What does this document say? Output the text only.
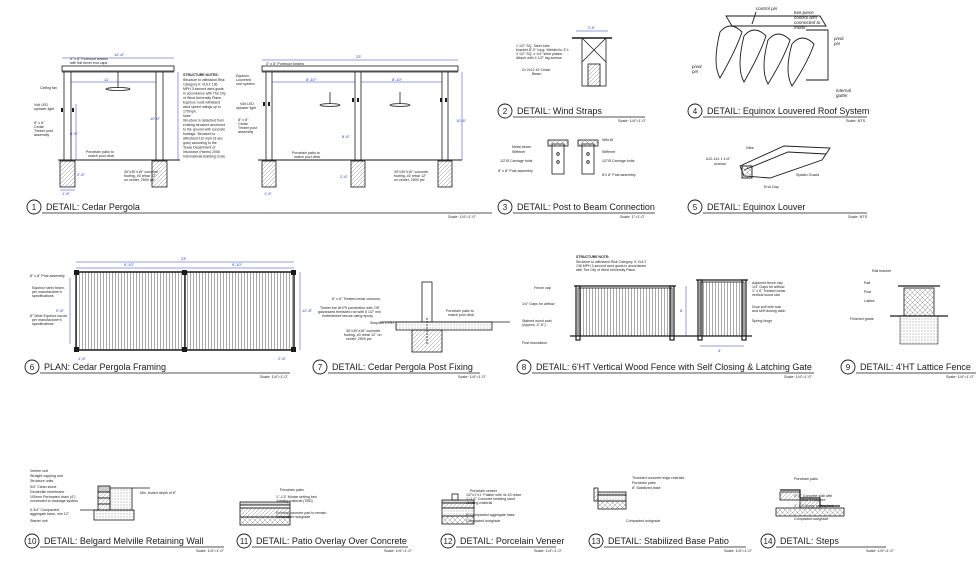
3" x 8" Portmoor beams
with flat bevel end caps
Ceiling fan
Volt LED
uplower light
8" x 8"
Cedar
Timber post
assembly
Porcelain patio to
match pool deck
30"x30"x16" concrete
footing, #3 rebar 12"
on center, 2500 psi
12'-8"
11'
10'-0"
8'-6"
1'-6"
2'-6"
STRUCTURE NOTES:
Structure to withstand Risk
Category II; VULT 136
MPH 3-second wind gusts
in accordance with The City
of West University Place.
Equinox roofs withstand
wind speed ratings up to
175mph.
Note:
Structure is detached from
existing structure anchored
to the ground with concrete
footings. Structure to
withstand 110 mph (3-sec
gust) according to the
Texas Department of
Insurance (Harris) 2006
International Building Code.
Equinox
Louvered
roof system
3" x 8" Portmoor beams
Volt LED
uplower light
8" x 8"
Cedar
Timber post
assembly
Porcelain patio to
match pool deck
30"x30"x16" concrete
footing, #3 rebar 12"
on center, 2500 psi
23'
8'-10"	8'-10"
10'-6"
8'-6"
1'-6"
2'-6"
1 1/2" SQ. Steel tube
bracket 8"-0" long. Welded to 3"x
3 1/2" SQ. x 1/4" steel plates.
Attach with 4 1/2" lag screws
2x 2x12 #2 Cedar
Beam
2'-6"
Metal beam
Stiffener
1/2"Ø Carriage bolts
8" x 8" Post assembly
W8x16
Stiffener
1/2"Ø Carriage bolts
8"x 8" Post assembly
control pin
two-piece
control arm
connected to
motor
pivot
pin
pivot
pin
internal
gutter
Nibs
#12-11x 1 1/4"
screws
Splash Guard
End Cap
23'
9'-10"	9'-10"
1'-6"	2'-6"
12'-8"
9'-8"
8" x 8" Post assembly
Equinox steel beam,
per manufacturer's
specifications
8" Wide Equinox louver,
per manufacturer's
specifications
6" x 6" Treated cedar columns
Timber toe AH75 connection with 7/8"
galvanized threaded rod with 5 1/2" min
embedment secure using epoxy
Simpson CPS7
30"x30"x16" concrete
footing, #3 rebar 12" on
center, 2500 psi
Porcelain patio to
match pool deck
STRUCTURE NOTE:
Structure to withstand Risk Category II; VULT
136 MPH 3-second wind gusts in accordance
with The City of West University Place.
Fence cap
1/4" Gaps for airflow
Stained wood post
(Approx. 4"-6")
Post foundation
Adjacent fence cap
1/4" Gaps for airflow
1" x 6" Treated cedar
vertical wood slat
Door pull with lock
and self closing latch
Spring hinge
6'
4'
Rail bracket
Rail
Post
Lattice
Finished grade
Veneer unit
Straight capping unit
Structure units
3/4" Clean stone
Geotextile membrane
100mm Perforated drain (4")
connected to drainage system
0-3/4" Compacted
aggregate base, min 12"
Starter unit
Min. buried depth of 8"
Porcelain patio
1"-1.5" Mortar setting bed
Jointing material (TBD)
Existing concrete pad to remain
Compacted subgrade
Porcelain veneer
1/2"x1"x1" Fastler with 4x #3 rebar
1"-1.5" Concrete bedding sand
Jointing material
6" Compacted aggregate base
Compacted subgrade
Troweled concrete edge restraint
Porcelain patio
8" Stabilized base
Compacted subgrade
Porcelain patio
4"-6" Concrete slab with
rebar if required
1"-1.5 Mortar setting bed
Compacted subgrade
1 DETAIL: Cedar Pergola
Scale: 1/4"=1'-0"
2 DETAIL: Wind Straps
Scale: 1/4"=1'-0"
3 DETAIL: Post to Beam Connection
Scale: 1"=1'-0"
4 DETAIL: Equinox Louvered Roof System
Scale: NTS
5 DETAIL: Equinox Louver
Scale: NTS
6 PLAN: Cedar Pergola Framing
Scale: 1/4"=1'-0"
7 DETAIL: Cedar Pergola Post Fixing
Scale: 1/4"=1'-0"
8 DETAIL: 6'HT Vertical Wood Fence with Self Closing & Latching Gate
Scale: 1/4"=1'-0"
9 DETAIL: 4'HT Lattice Fence
Scale: 1/4"=1'-0"
10 DETAIL: Belgard Melville Retaining Wall
Scale: 1/4"=1'-0"
11 DETAIL: Patio Overlay Over Concrete
Scale: 1/4"=1'-0"
12 DETAIL: Porcelain Veneer
Scale: 1/4"=1'-0"
13 DETAIL: Stabilized Base Patio
Scale: 1/4"=1'-0"
14 DETAIL: Steps
Scale: 1/4"=1'-0"
